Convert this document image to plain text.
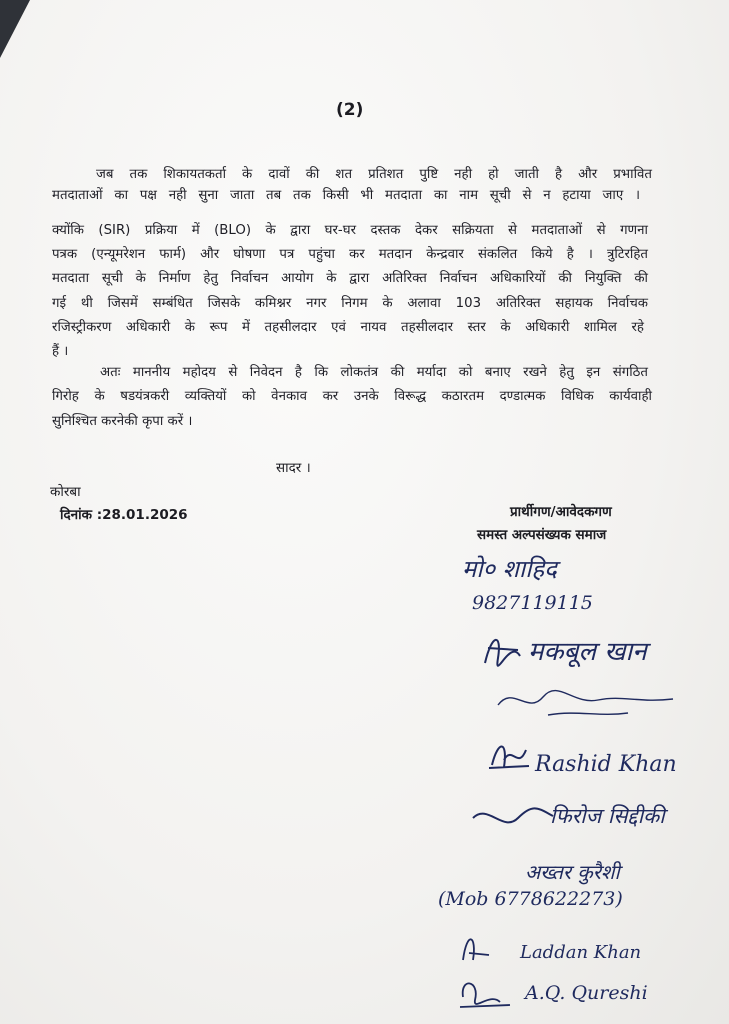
(2)
जब तक शिकायतकर्ता के दावों की शत प्रतिशत पुष्टि नही हो जाती है और प्रभावित
मतदाताओं का पक्ष नही सुना जाता तब तक किसी भी मतदाता का नाम सूची से न हटाया जाए ।
क्योंकि (SIR) प्रक्रिया में (BLO) के द्वारा घर-घर दस्तक देकर सक्रियता से मतदाताओं से गणना
पत्रक (एन्यूमरेशन फार्म) और घोषणा पत्र पहुंचा कर मतदान केन्द्रवार संकलित किये है । त्रुटिरहित
मतदाता सूची के निर्माण हेतु निर्वाचन आयोग के द्वारा अतिरिक्त निर्वाचन अधिकारियों की नियुक्ति की
गई थी जिसमें सम्बंधित जिसके कमिश्नर नगर निगम के अलावा 103 अतिरिक्त सहायक निर्वाचक
रजिस्ट्रीकरण अधिकारी के रूप में तहसीलदार एवं नायव तहसीलदार स्तर के अधिकारी शामिल रहे
हैं ।
अतः माननीय महोदय से निवेदन है कि लोकतंत्र की मर्यादा को बनाए रखने हेतु इन संगठित
गिरोह के षडयंत्रकरी व्यक्तियों को वेनकाव कर उनके विरूद्ध कठारतम दण्डात्मक विधिक कार्यवाही
सुनिश्चित करनेकी कृपा करें ।
सादर ।
कोरबा
दिनांक :28.01.2026	प्रार्थीगण/आवेदकगण
समस्त अल्पसंख्यक समाज
मो० शाहिद
9827119115
मकबूल खान
Rashid Khan
फिरोज सिद्दीकी
अख्तर कुरैशी
(Mob 6778622273)
Laddan Khan
A.Q. Qureshi
